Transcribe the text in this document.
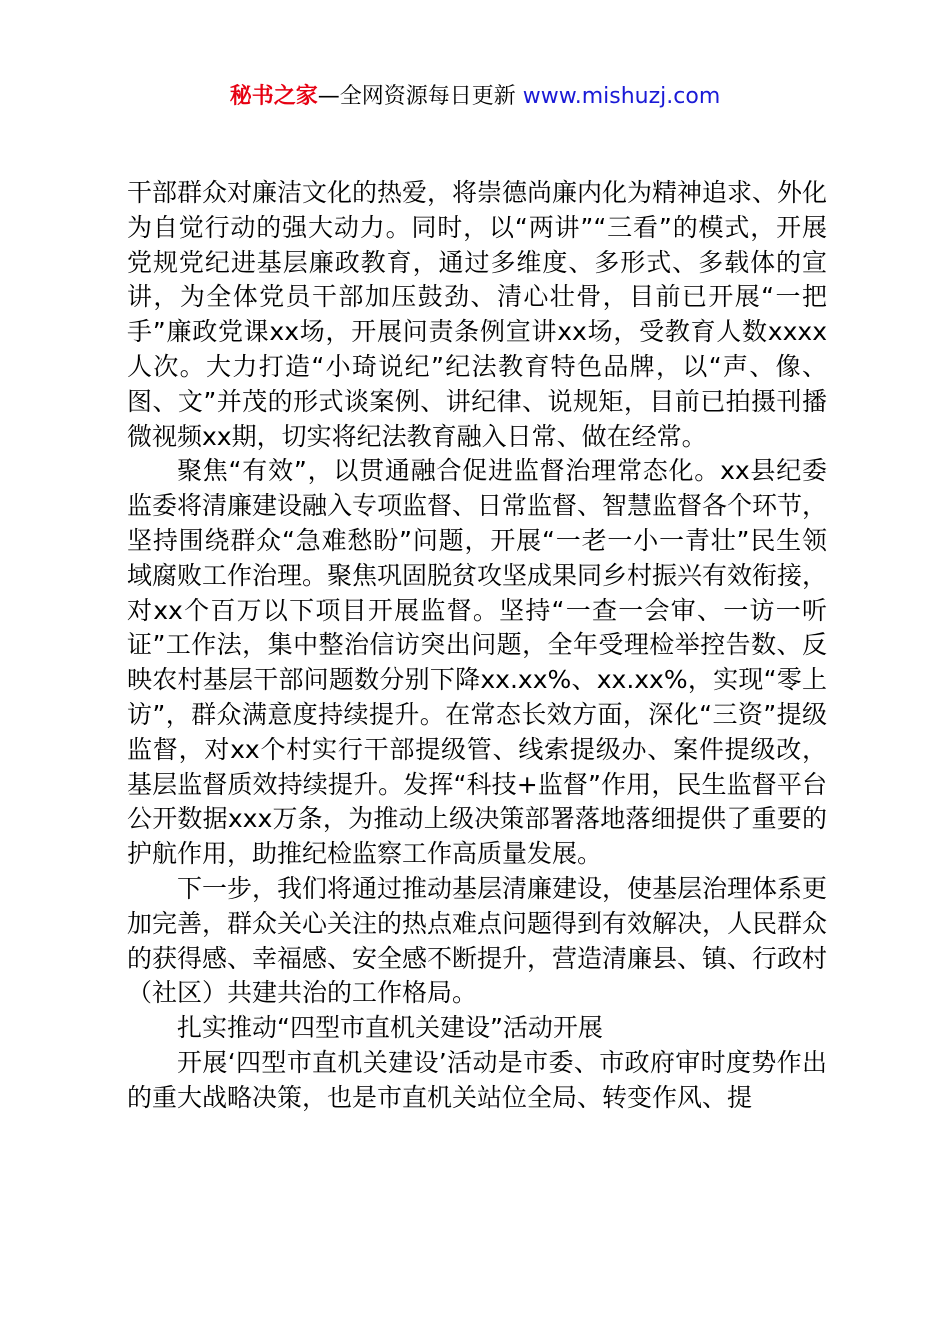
秘书之家—全网资源每日更新 www.mishuzj.com

干部群众对廉洁文化的热爱，将崇德尚廉内化为精神追求、外化为自觉行动的强大动力。同时，以“两讲”“三看”的模式，开展党规党纪进基层廉政教育，通过多维度、多形式、多载体的宣讲，为全体党员干部加压鼓劲、清心壮骨，目前已开展“一把手”廉政党课xx场，开展问责条例宣讲xx场，受教育人数xxxx人次。大力打造“小琦说纪”纪法教育特色品牌，以“声、像、图、文”并茂的形式谈案例、讲纪律、说规矩，目前已拍摄刊播微视频xx期，切实将纪法教育融入日常、做在经常。

聚焦“有效”，以贯通融合促进监督治理常态化。xx县纪委监委将清廉建设融入专项监督、日常监督、智慧监督各个环节，坚持围绕群众“急难愁盼”问题，开展“一老一小一青壮”民生领域腐败工作治理。聚焦巩固脱贫攻坚成果同乡村振兴有效衔接，对xx个百万以下项目开展监督。坚持“一查一会审、一访一听证”工作法，集中整治信访突出问题，全年受理检举控告数、反映农村基层干部问题数分别下降xx.xx%、xx.xx%，实现“零上访”，群众满意度持续提升。在常态长效方面，深化“三资”提级监督，对xx个村实行干部提级管、线索提级办、案件提级改，基层监督质效持续提升。发挥“科技+监督”作用，民生监督平台公开数据xxx万条，为推动上级决策部署落地落细提供了重要的护航作用，助推纪检监察工作高质量发展。

下一步，我们将通过推动基层清廉建设，使基层治理体系更加完善，群众关心关注的热点难点问题得到有效解决，人民群众的获得感、幸福感、安全感不断提升，营造清廉县、镇、行政村（社区）共建共治的工作格局。

扎实推动“四型市直机关建设”活动开展

开展‘四型市直机关建设’活动是市委、市政府审时度势作出的重大战略决策，也是市直机关站位全局、转变作风、提
